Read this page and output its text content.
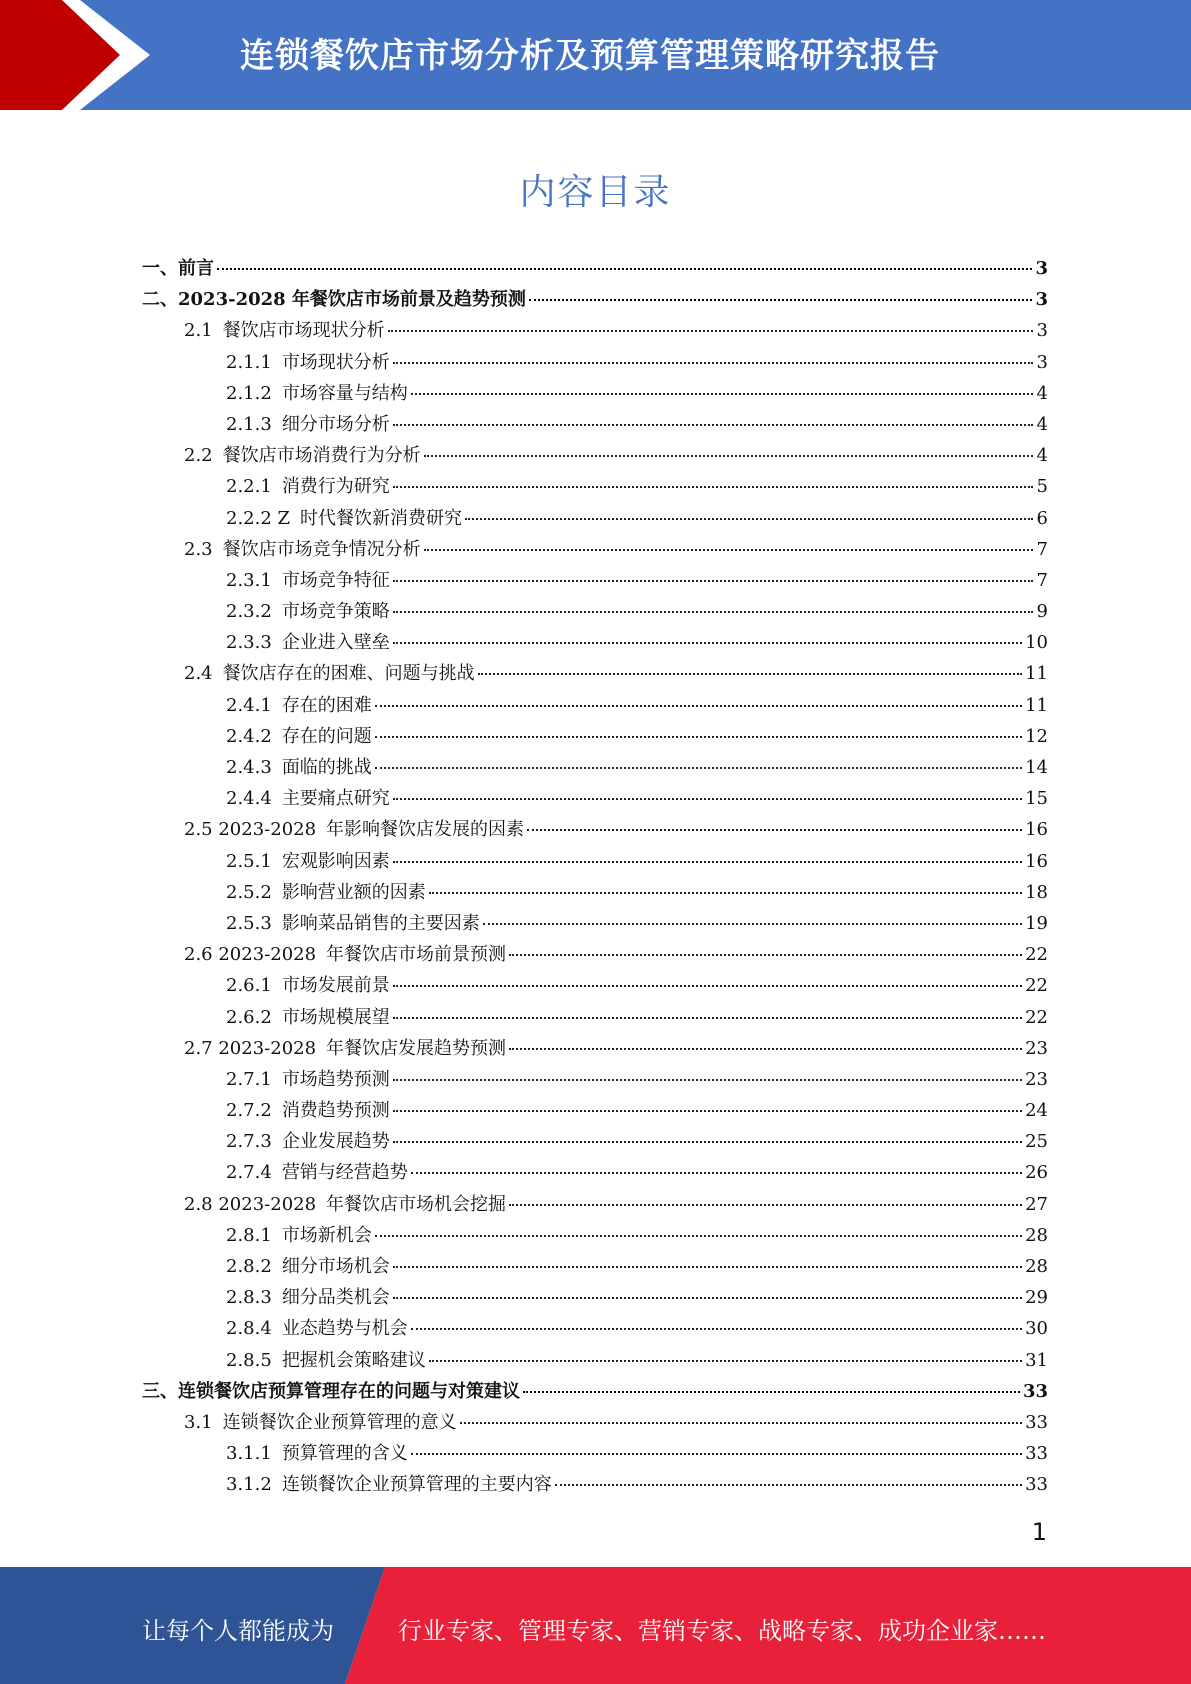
连锁餐饮店市场分析及预算管理策略研究报告
内容目录
一、前言	3
二、2023-2028 年餐饮店市场前景及趋势预测	3
2.1 餐饮店市场现状分析	3
2.1.1 市场现状分析	3
2.1.2 市场容量与结构	4
2.1.3 细分市场分析	4
2.2 餐饮店市场消费行为分析	4
2.2.1 消费行为研究	5
2.2.2 Z 时代餐饮新消费研究	6
2.3 餐饮店市场竞争情况分析	7
2.3.1 市场竞争特征	7
2.3.2 市场竞争策略	9
2.3.3 企业进入壁垒	10
2.4 餐饮店存在的困难、问题与挑战	11
2.4.1 存在的困难	11
2.4.2 存在的问题	12
2.4.3 面临的挑战	14
2.4.4 主要痛点研究	15
2.5 2023-2028 年影响餐饮店发展的因素	16
2.5.1 宏观影响因素	16
2.5.2 影响营业额的因素	18
2.5.3 影响菜品销售的主要因素	19
2.6 2023-2028 年餐饮店市场前景预测	22
2.6.1 市场发展前景	22
2.6.2 市场规模展望	22
2.7 2023-2028 年餐饮店发展趋势预测	23
2.7.1 市场趋势预测	23
2.7.2 消费趋势预测	24
2.7.3 企业发展趋势	25
2.7.4 营销与经营趋势	26
2.8 2023-2028 年餐饮店市场机会挖掘	27
2.8.1 市场新机会	28
2.8.2 细分市场机会	28
2.8.3 细分品类机会	29
2.8.4 业态趋势与机会	30
2.8.5 把握机会策略建议	31
三、连锁餐饮店预算管理存在的问题与对策建议	33
3.1 连锁餐饮企业预算管理的意义	33
3.1.1 预算管理的含义	33
3.1.2 连锁餐饮企业预算管理的主要内容	33
1
让每个人都能成为	行业专家、管理专家、营销专家、战略专家、成功企业家……
